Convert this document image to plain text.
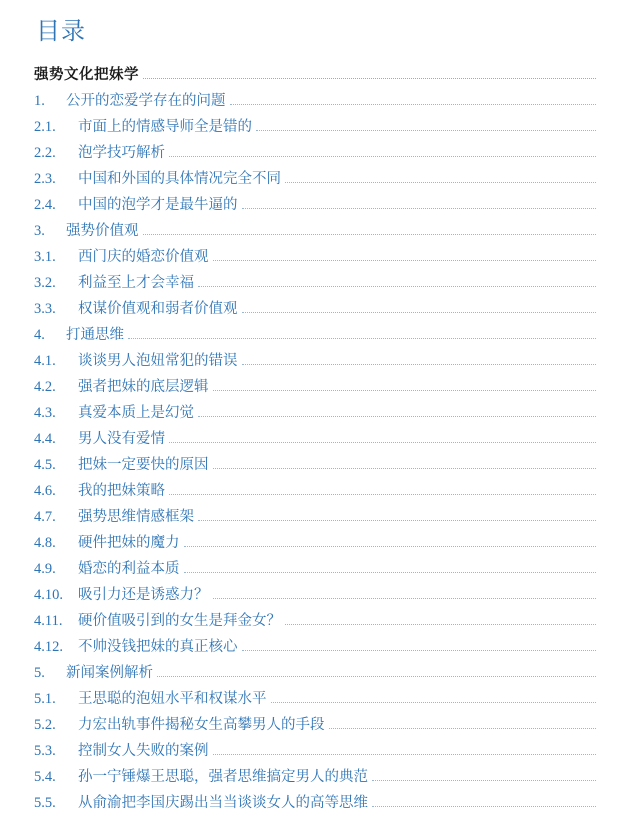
目录
强势文化把妹学
1.	公开的恋爱学存在的问题
2.1.	市面上的情感导师全是错的
2.2.	泡学技巧解析
2.3.	中国和外国的具体情况完全不同
2.4.	中国的泡学才是最牛逼的
3.	强势价值观
3.1.	西门庆的婚恋价值观
3.2.	利益至上才会幸福
3.3.	权谋价值观和弱者价值观
4.	打通思维
4.1.	谈谈男人泡妞常犯的错误
4.2.	强者把妹的底层逻辑
4.3.	真爱本质上是幻觉
4.4.	男人没有爱情
4.5.	把妹一定要快的原因
4.6.	我的把妹策略
4.7.	强势思维情感框架
4.8.	硬件把妹的魔力
4.9.	婚恋的利益本质
4.10.	吸引力还是诱惑力？
4.11.	硬价值吸引到的女生是拜金女？
4.12.	不帅没钱把妹的真正核心
5.	新闻案例解析
5.1.	王思聪的泡妞水平和权谋水平
5.2.	力宏出轨事件揭秘女生高攀男人的手段
5.3.	控制女人失败的案例
5.4.	孙一宁锤爆王思聪，强者思维搞定男人的典范
5.5.	从俞渝把李国庆踢出当当谈谈女人的高等思维
